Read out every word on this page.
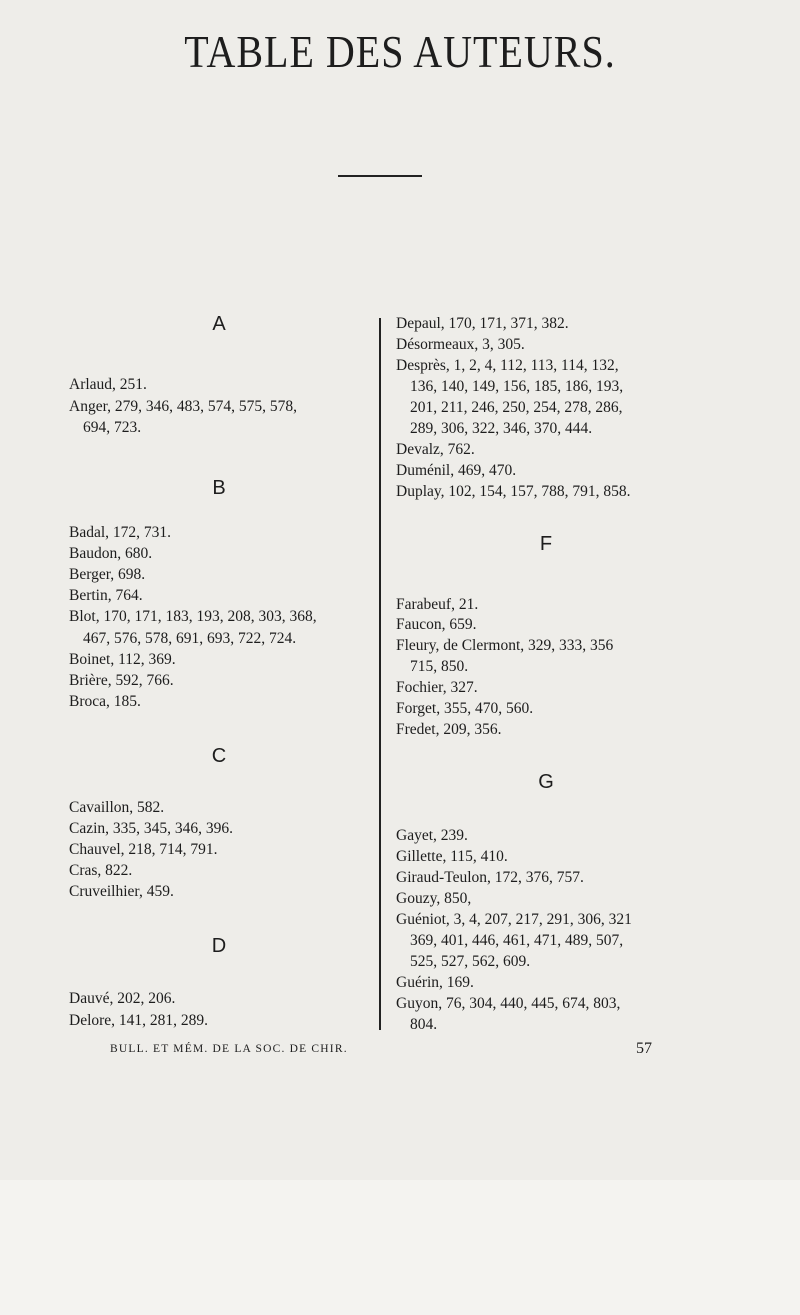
TABLE DES AUTEURS.
A
Arlaud, 251.
Anger, 279, 346, 483, 574, 575, 578,
694, 723.
B
Badal, 172, 731.
Baudon, 680.
Berger, 698.
Bertin, 764.
Blot, 170, 171, 183, 193, 208, 303, 368,
467, 576, 578, 691, 693, 722, 724.
Boinet, 112, 369.
Brière, 592, 766.
Broca, 185.
C
Cavaillon, 582.
Cazin, 335, 345, 346, 396.
Chauvel, 218, 714, 791.
Cras, 822.
Cruveilhier, 459.
D
Dauvé, 202, 206.
Delore, 141, 281, 289.
Depaul, 170, 171, 371, 382.
Désormeaux, 3, 305.
Desprès, 1, 2, 4, 112, 113, 114, 132,
136, 140, 149, 156, 185, 186, 193,
201, 211, 246, 250, 254, 278, 286,
289, 306, 322, 346, 370, 444.
Devalz, 762.
Duménil, 469, 470.
Duplay, 102, 154, 157, 788, 791, 858.
F
Farabeuf, 21.
Faucon, 659.
Fleury, de Clermont, 329, 333, 356
715, 850.
Fochier, 327.
Forget, 355, 470, 560.
Fredet, 209, 356.
G
Gayet, 239.
Gillette, 115, 410.
Giraud-Teulon, 172, 376, 757.
Gouzy, 850,
Guéniot, 3, 4, 207, 217, 291, 306, 321
369, 401, 446, 461, 471, 489, 507,
525, 527, 562, 609.
Guérin, 169.
Guyon, 76, 304, 440, 445, 674, 803,
804.
BULL. ET MÉM. DE LA SOC. DE CHIR.	57
